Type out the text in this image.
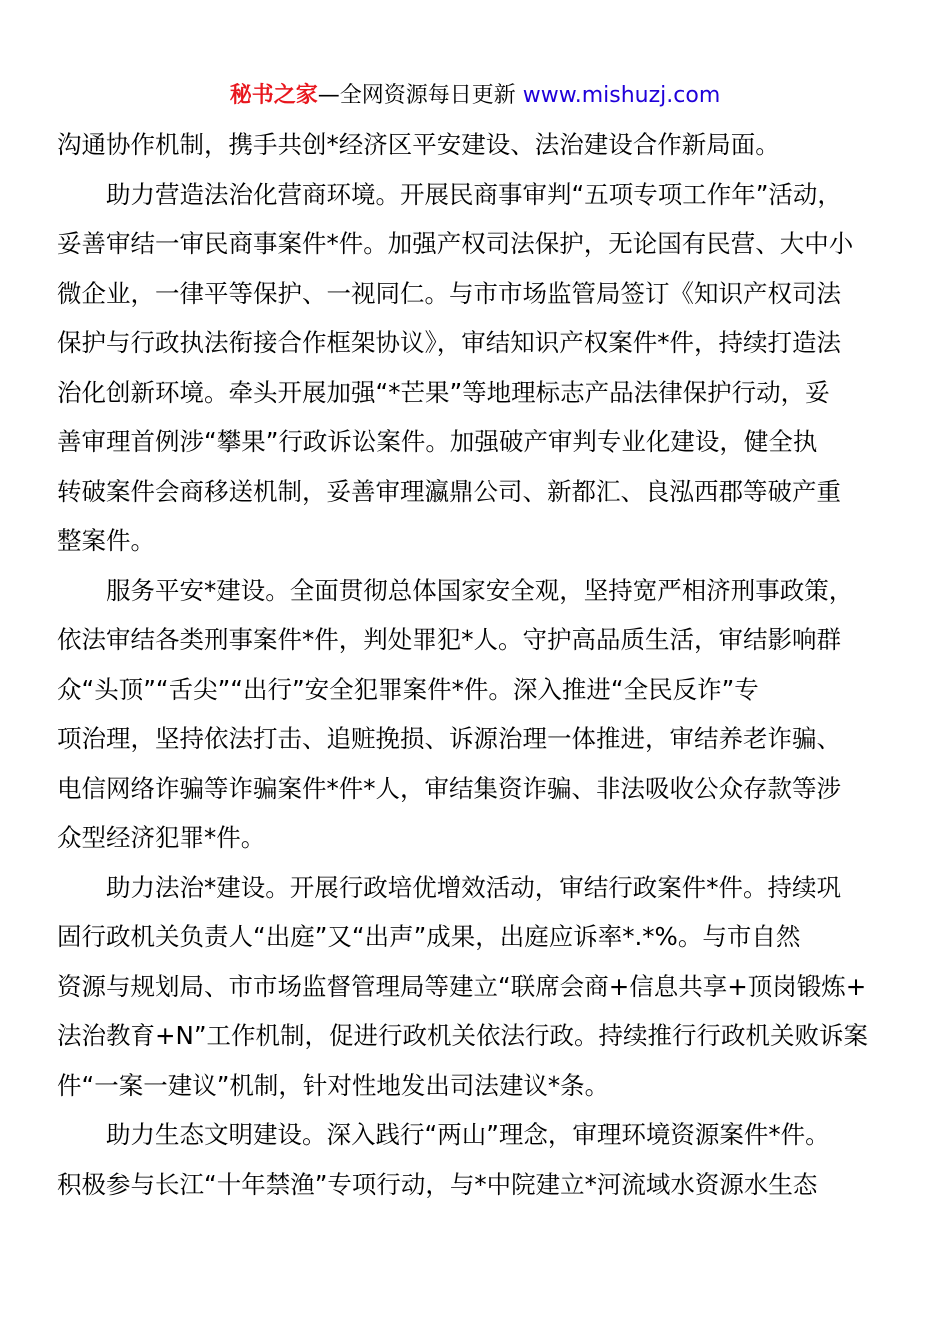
秘书之家—全网资源每日更新 www.mishuzj.com
沟通协作机制，携手共创*经济区平安建设、法治建设合作新局面。
助力营造法治化营商环境。开展民商事审判“五项专项工作年”活动，
妥善审结一审民商事案件*件。加强产权司法保护，无论国有民营、大中小
微企业，一律平等保护、一视同仁。与市市场监管局签订《知识产权司法
保护与行政执法衔接合作框架协议》，审结知识产权案件*件，持续打造法
治化创新环境。牵头开展加强“*芒果”等地理标志产品法律保护行动，妥
善审理首例涉“攀果”行政诉讼案件。加强破产审判专业化建设，健全执
转破案件会商移送机制，妥善审理瀛鼎公司、新都汇、良泓西郡等破产重
整案件。
服务平安*建设。全面贯彻总体国家安全观，坚持宽严相济刑事政策，
依法审结各类刑事案件*件，判处罪犯*人。守护高品质生活，审结影响群
众“头顶”“舌尖”“出行”安全犯罪案件*件。深入推进“全民反诈”专
项治理，坚持依法打击、追赃挽损、诉源治理一体推进，审结养老诈骗、
电信网络诈骗等诈骗案件*件*人，审结集资诈骗、非法吸收公众存款等涉
众型经济犯罪*件。
助力法治*建设。开展行政培优增效活动，审结行政案件*件。持续巩
固行政机关负责人“出庭”又“出声”成果，出庭应诉率*.*%。与市自然
资源与规划局、市市场监督管理局等建立“联席会商+信息共享+顶岗锻炼+
法治教育+N”工作机制，促进行政机关依法行政。持续推行行政机关败诉案
件“一案一建议”机制，针对性地发出司法建议*条。
助力生态文明建设。深入践行“两山”理念，审理环境资源案件*件。
积极参与长江“十年禁渔”专项行动，与*中院建立*河流域水资源水生态
